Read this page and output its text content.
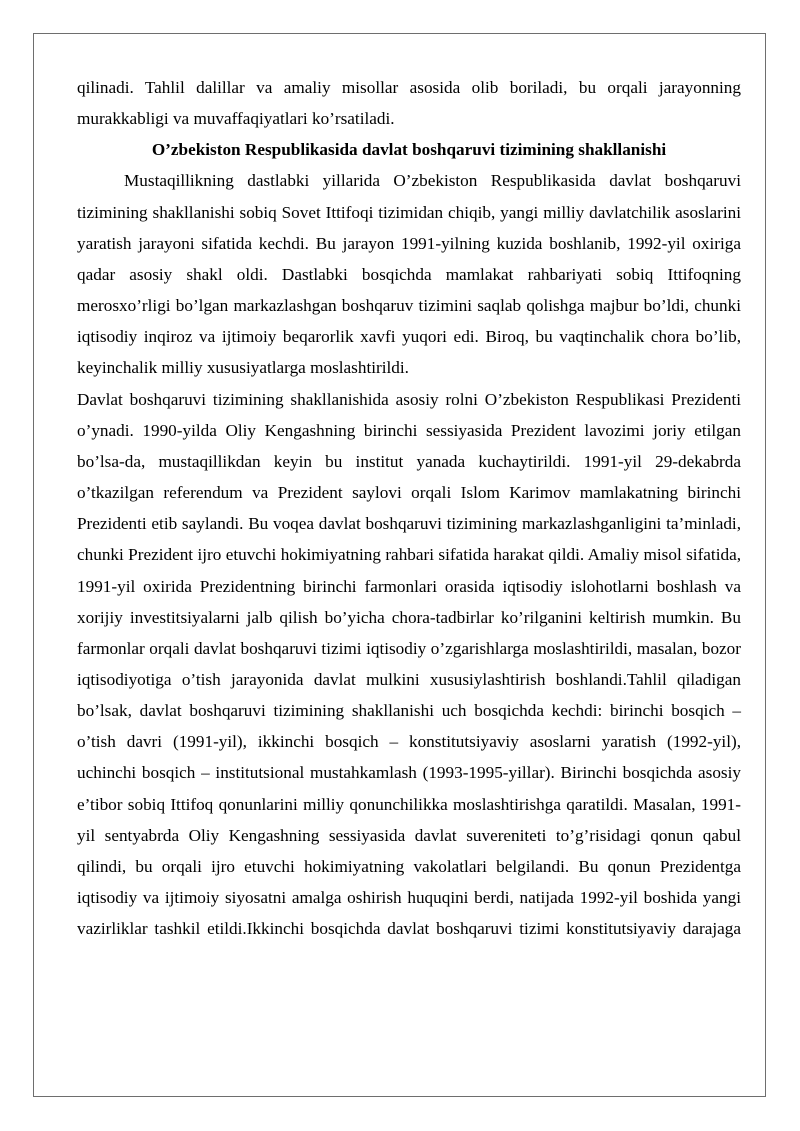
qilinadi. Tahlil dalillar va amaliy misollar asosida olib boriladi, bu orqali jarayonning murakkabligi va muvaffaqiyatlari ko’rsatiladi.

O’zbekiston Respublikasida davlat boshqaruvi tizimining shakllanishi

Mustaqillikning dastlabki yillarida O’zbekiston Respublikasida davlat boshqaruvi tizimining shakllanishi sobiq Sovet Ittifoqi tizimidan chiqib, yangi milliy davlatchilik asoslarini yaratish jarayoni sifatida kechdi. Bu jarayon 1991-yilning kuzida boshlanib, 1992-yil oxiriga qadar asosiy shakl oldi. Dastlabki bosqichda mamlakat rahbariyati sobiq Ittifoqning merosxo’rligi bo’lgan markazlashgan boshqaruv tizimini saqlab qolishga majbur bo’ldi, chunki iqtisodiy inqiroz va ijtimoiy beqarorlik xavfi yuqori edi. Biroq, bu vaqtinchalik chora bo’lib, keyinchalik milliy xususiyatlarga moslashtirildi.

Davlat boshqaruvi tizimining shakllanishida asosiy rolni O’zbekiston Respublikasi Prezidenti o’ynadi. 1990-yilda Oliy Kengashning birinchi sessiyasida Prezident lavozimi joriy etilgan bo’lsa-da, mustaqillikdan keyin bu institut yanada kuchaytirildi. 1991-yil 29-dekabrda o’tkazilgan referendum va Prezident saylovi orqali Islom Karimov mamlakatning birinchi Prezidenti etib saylandi. Bu voqea davlat boshqaruvi tizimining markazlashganligini ta’minladi, chunki Prezident ijro etuvchi hokimiyatning rahbari sifatida harakat qildi. Amaliy misol sifatida, 1991-yil oxirida Prezidentning birinchi farmonlari orasida iqtisodiy islohotlarni boshlash va xorijiy investitsiyalarni jalb qilish bo’yicha chora-tadbirlar ko’rilganini keltirish mumkin. Bu farmonlar orqali davlat boshqaruvi tizimi iqtisodiy o’zgarishlarga moslashtirildi, masalan, bozor iqtisodiyotiga o’tish jarayonida davlat mulkini xususiylashtirish boshlandi.Tahlil qiladigan bo’lsak, davlat boshqaruvi tizimining shakllanishi uch bosqichda kechdi: birinchi bosqich – o’tish davri (1991-yil), ikkinchi bosqich – konstitutsiyaviy asoslarni yaratish (1992-yil), uchinchi bosqich – institutsional mustahkamlash (1993-1995-yillar). Birinchi bosqichda asosiy e’tibor sobiq Ittifoq qonunlarini milliy qonunchilikka moslashtirishga qaratildi. Masalan, 1991-yil sentyabrda Oliy Kengashning sessiyasida davlat suvereniteti to’g’risidagi qonun qabul qilindi, bu orqali ijro etuvchi hokimiyatning vakolatlari belgilandi. Bu qonun Prezidentga iqtisodiy va ijtimoiy siyosatni amalga oshirish huquqini berdi, natijada 1992-yil boshida yangi vazirliklar tashkil etildi.Ikkinchi bosqichda davlat boshqaruvi tizimi konstitutsiyaviy darajaga
